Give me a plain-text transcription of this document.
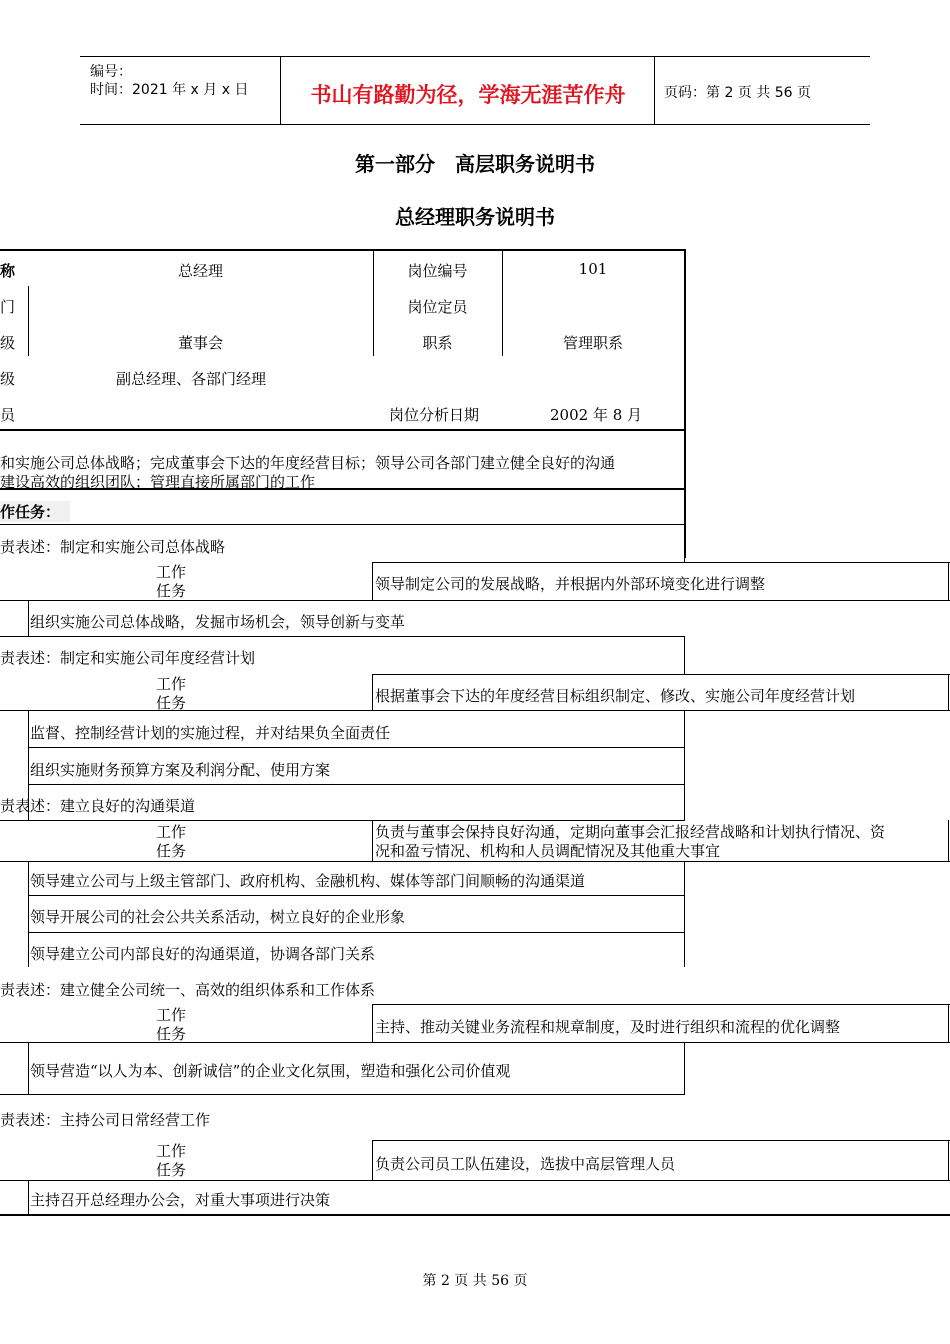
编号：
时间：2021 年 x 月 x 日	书山有路勤为径，学海无涯苦作舟	页码：第 2 页 共 56 页
第一部分　高层职务说明书
总经理职务说明书
称	总经理	岗位编号	101
门	岗位定员
级	董事会	职系	管理职系
级	副总经理、各部门经理
员	岗位分析日期	2002 年 8 月
和实施公司总体战略；完成董事会下达的年度经营目标；领导公司各部门建立健全良好的沟通
建设高效的组织团队；管理直接所属部门的工作
作任务：
责表述：制定和实施公司总体战略
工作
任务	领导制定公司的发展战略，并根据内外部环境变化进行调整
组织实施公司总体战略，发掘市场机会，领导创新与变革
责表述：制定和实施公司年度经营计划
工作
任务	根据董事会下达的年度经营目标组织制定、修改、实施公司年度经营计划
监督、控制经营计划的实施过程，并对结果负全面责任
组织实施财务预算方案及利润分配、使用方案
责表述：建立良好的沟通渠道
工作
任务
负责与董事会保持良好沟通，定期向董事会汇报经营战略和计划执行情况、资
况和盈亏情况、机构和人员调配情况及其他重大事宜
领导建立公司与上级主管部门、政府机构、金融机构、媒体等部门间顺畅的沟通渠道
领导开展公司的社会公共关系活动，树立良好的企业形象
领导建立公司内部良好的沟通渠道，协调各部门关系
责表述：建立健全公司统一、高效的组织体系和工作体系
工作
任务	主持、推动关键业务流程和规章制度，及时进行组织和流程的优化调整
领导营造“以人为本、创新诚信”的企业文化氛围，塑造和强化公司价值观
责表述：主持公司日常经营工作
工作
任务	负责公司员工队伍建设，选拔中高层管理人员
主持召开总经理办公会，对重大事项进行决策
第 2 页 共 56 页
